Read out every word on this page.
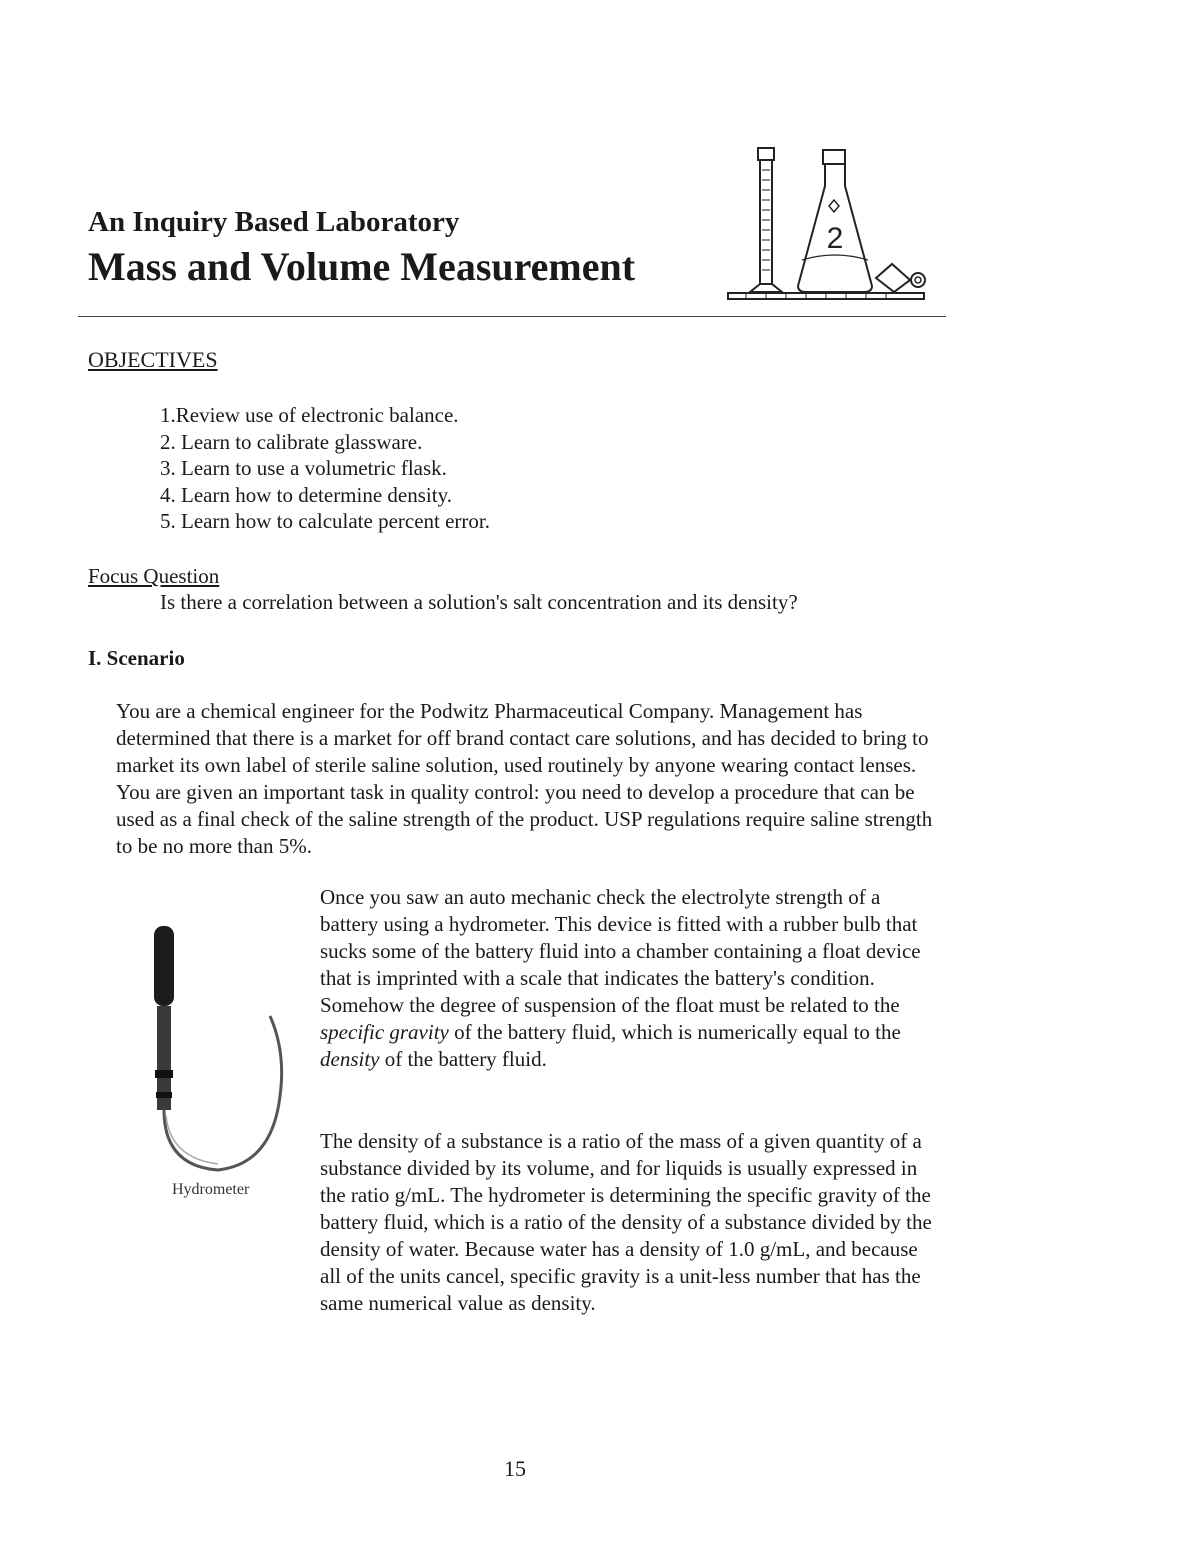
An Inquiry Based Laboratory
Mass and Volume Measurement
2
OBJECTIVES
1.Review use of electronic balance.
2. Learn to calibrate glassware.
3. Learn to use a volumetric flask.
4. Learn how to determine density.
5. Learn how to calculate percent error.
Focus Question
Is there a correlation between a solution's salt concentration and its density?
I. Scenario

You are a chemical engineer for the Podwitz Pharmaceutical Company. Management has determined that there is a market for off brand contact care solutions, and has decided to bring to market its own label of sterile saline solution, used routinely by anyone wearing contact lenses. You are given an important task in quality control: you need to develop a procedure that can be used as a final check of the saline strength of the product. USP regulations require saline strength to be no more than 5%.

Once you saw an auto mechanic check the electrolyte strength of a battery using a hydrometer. This device is fitted with a rubber bulb that sucks some of the battery fluid into a chamber containing a float device that is imprinted with a scale that indicates the battery's condition. Somehow the degree of suspension of the float must be related to the specific gravity of the battery fluid, which is numerically equal to the density of the battery fluid.

The density of a substance is a ratio of the mass of a given quantity of a substance divided by its volume, and for liquids is usually expressed in the ratio g/mL. The hydrometer is determining the specific gravity of the battery fluid, which is a ratio of the density of a substance divided by the density of water. Because water has a density of 1.0 g/mL, and because all of the units cancel, specific gravity is a unit-less number that has the same numerical value as density.

Hydrometer
15
